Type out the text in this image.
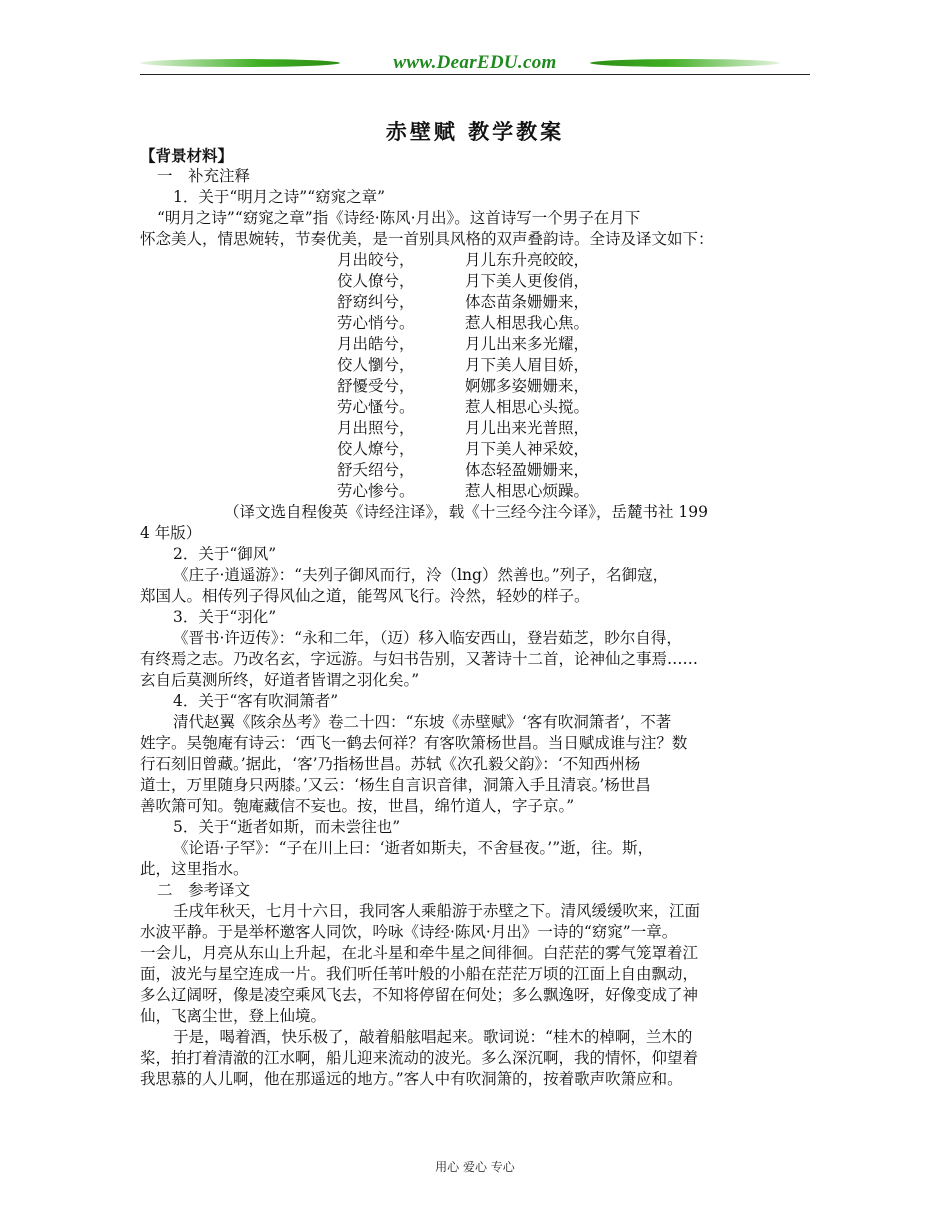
www.DearEDU.com
赤壁赋 教学教案

【背景材料】

一　补充注释

1．关于“明月之诗”“窈窕之章”

“明月之诗”“窈窕之章”指《诗经·陈风·月出》。这首诗写一个男子在月下

怀念美人，情思婉转，节奏优美，是一首别具风格的双声叠韵诗。全诗及译文如下：

月出皎兮，	月儿东升亮皎皎，
佼人僚兮，	月下美人更俊俏，
舒窈纠兮，	体态苗条姗姗来，
劳心悄兮。	惹人相思我心焦。
月出皓兮，	月儿出来多光耀，
佼人懰兮，	月下美人眉目娇，
舒懮受兮，	婀娜多姿姗姗来，
劳心慅兮。	惹人相思心头搅。
月出照兮，	月儿出来光普照，
佼人燎兮，	月下美人神采姣，
舒夭绍兮，	体态轻盈姗姗来，
劳心惨兮。	惹人相思心烦躁。

（译文选自程俊英《诗经注译》，载《十三经今注今译》，岳麓书社 199

4 年版）

2．关于“御风”

《庄子·逍遥游》：“夫列子御风而行，泠（lng）然善也。”列子，名御寇，

郑国人。相传列子得风仙之道，能驾风飞行。泠然，轻妙的样子。

3．关于“羽化”

《晋书·许迈传》：“永和二年，（迈）移入临安西山，登岩茹芝，眇尔自得，

有终焉之志。乃改名玄，字远游。与妇书告别，又著诗十二首，论神仙之事焉……

玄自后莫测所终，好道者皆谓之羽化矣。”

4．关于“客有吹洞箫者”

清代赵翼《陔余丛考》卷二十四：“东坡《赤壁赋》‘客有吹洞箫者’，不著

姓字。吴匏庵有诗云：‘西飞一鹤去何祥？有客吹箫杨世昌。当日赋成谁与注？数

行石刻旧曾藏。’据此，‘客’乃指杨世昌。苏轼《次孔毅父韵》：‘不知西州杨

道士，万里随身只两膝。’又云：‘杨生自言识音律，洞箫入手且清哀。’杨世昌

善吹箫可知。匏庵藏信不妄也。按，世昌，绵竹道人，字子京。”

5．关于“逝者如斯，而未尝往也”

《论语·子罕》：“子在川上曰：‘逝者如斯夫，不舍昼夜。’”逝，往。斯，

此，这里指水。

二　参考译文

壬戌年秋天，七月十六日，我同客人乘船游于赤壁之下。清风缓缓吹来，江面

水波平静。于是举杯邀客人同饮，吟咏《诗经·陈风·月出》一诗的“窈窕”一章。

一会儿，月亮从东山上升起，在北斗星和牵牛星之间徘徊。白茫茫的雾气笼罩着江

面，波光与星空连成一片。我们听任苇叶般的小船在茫茫万顷的江面上自由飘动，

多么辽阔呀，像是凌空乘风飞去，不知将停留在何处；多么飘逸呀，好像变成了神

仙，飞离尘世，登上仙境。

于是，喝着酒，快乐极了，敲着船舷唱起来。歌词说：“桂木的棹啊，兰木的

桨，拍打着清澈的江水啊，船儿迎来流动的波光。多么深沉啊，我的情怀，仰望着

我思慕的人儿啊，他在那遥远的地方。”客人中有吹洞箫的，按着歌声吹箫应和。

用心 爱心 专心
